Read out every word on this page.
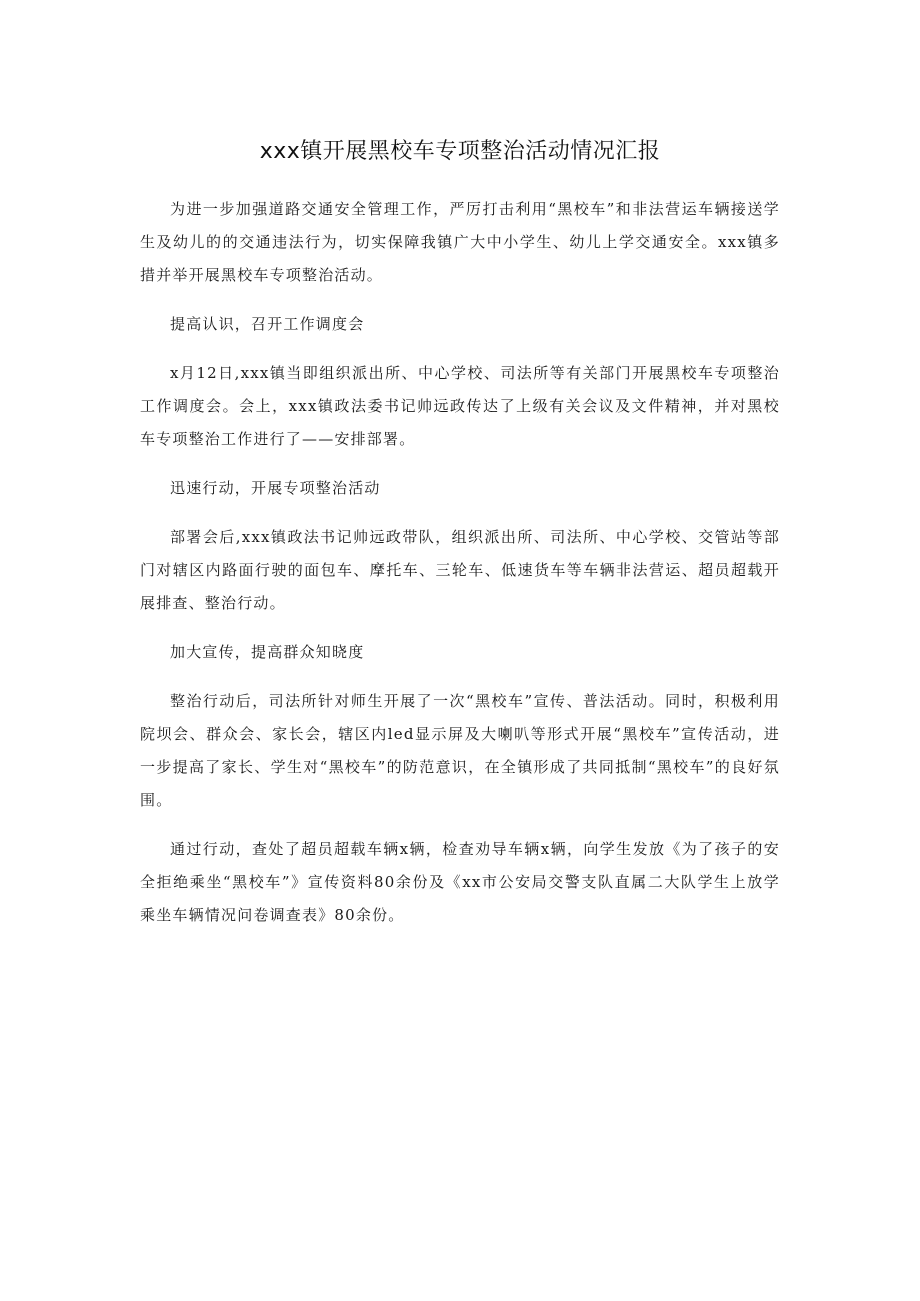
xxx镇开展黑校车专项整治活动情况汇报

为进一步加强道路交通安全管理工作，严厉打击利用“黑校车”和非法营运车辆接送学生及幼儿的的交通违法行为，切实保障我镇广大中小学生、幼儿上学交通安全。xxx镇多措并举开展黑校车专项整治活动。

提高认识，召开工作调度会

x月12日,xxx镇当即组织派出所、中心学校、司法所等有关部门开展黑校车专项整治工作调度会。会上，xxx镇政法委书记帅远政传达了上级有关会议及文件精神，并对黑校车专项整治工作进行了——安排部署。

迅速行动，开展专项整治活动

部署会后,xxx镇政法书记帅远政带队，组织派出所、司法所、中心学校、交管站等部门对辖区内路面行驶的面包车、摩托车、三轮车、低速货车等车辆非法营运、超员超载开展排查、整治行动。

加大宣传，提高群众知晓度

整治行动后，司法所针对师生开展了一次“黑校车”宣传、普法活动。同时，积极利用院坝会、群众会、家长会，辖区内led显示屏及大喇叭等形式开展“黑校车”宣传活动，进一步提高了家长、学生对“黑校车”的防范意识，在全镇形成了共同抵制“黑校车”的良好氛围。

通过行动，查处了超员超载车辆x辆，检查劝导车辆x辆，向学生发放《为了孩子的安全拒绝乘坐“黑校车”》宣传资料80余份及《xx市公安局交警支队直属二大队学生上放学乘坐车辆情况问卷调查表》80余份。
